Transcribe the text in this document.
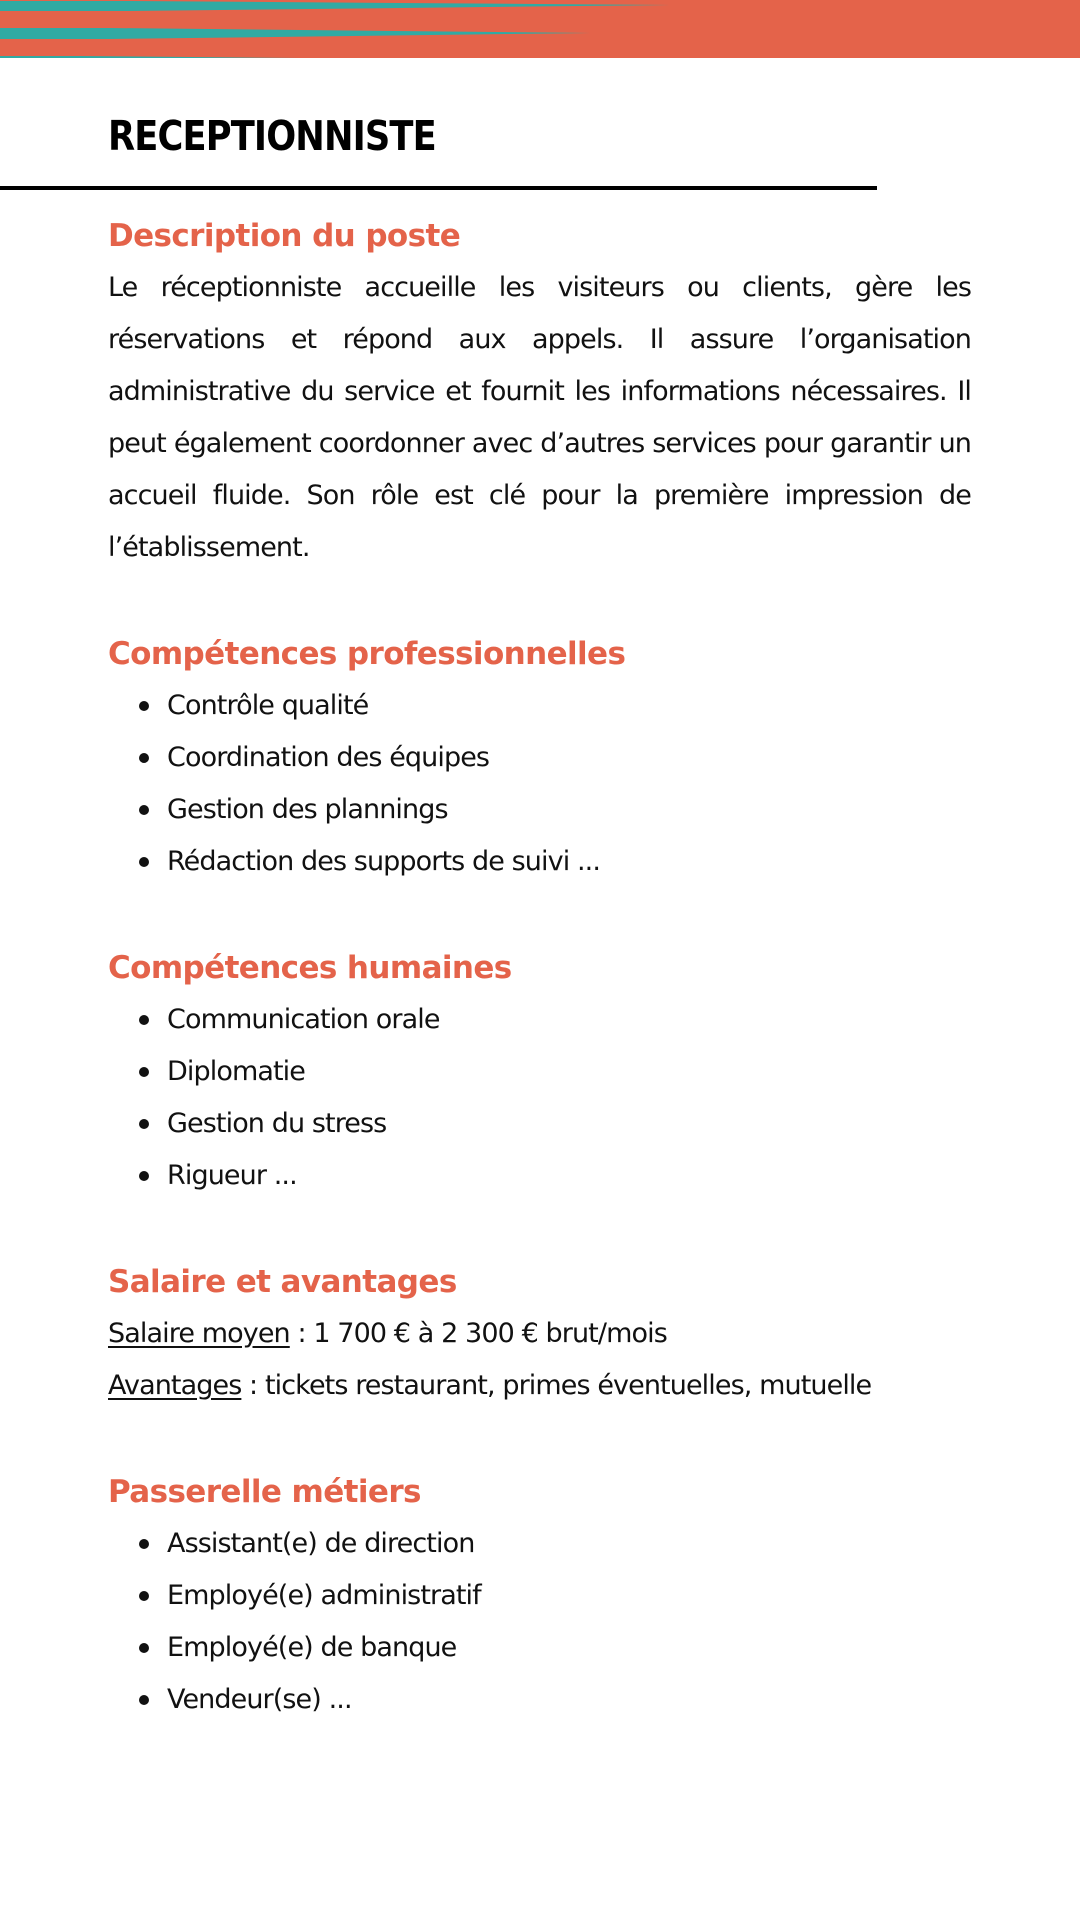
RECEPTIONNISTE
Description du poste

Le réceptionniste accueille les visiteurs ou clients, gère les réservations et répond aux appels. Il assure l’organisation administrative du service et fournit les informations nécessaires. Il peut également coordonner avec d’autres services pour garantir un accueil fluide. Son rôle est clé pour la première impression de l’établissement.

Compétences professionnelles
Contrôle qualité
Coordination des équipes
Gestion des plannings
Rédaction des supports de suivi ...
Compétences humaines
Communication orale
Diplomatie
Gestion du stress
Rigueur ...
Salaire et avantages

Salaire moyen : 1 700 € à 2 300 € brut/mois

Avantages : tickets restaurant, primes éventuelles, mutuelle

Passerelle métiers
Assistant(e) de direction
Employé(e) administratif
Employé(e) de banque
Vendeur(se) ...
